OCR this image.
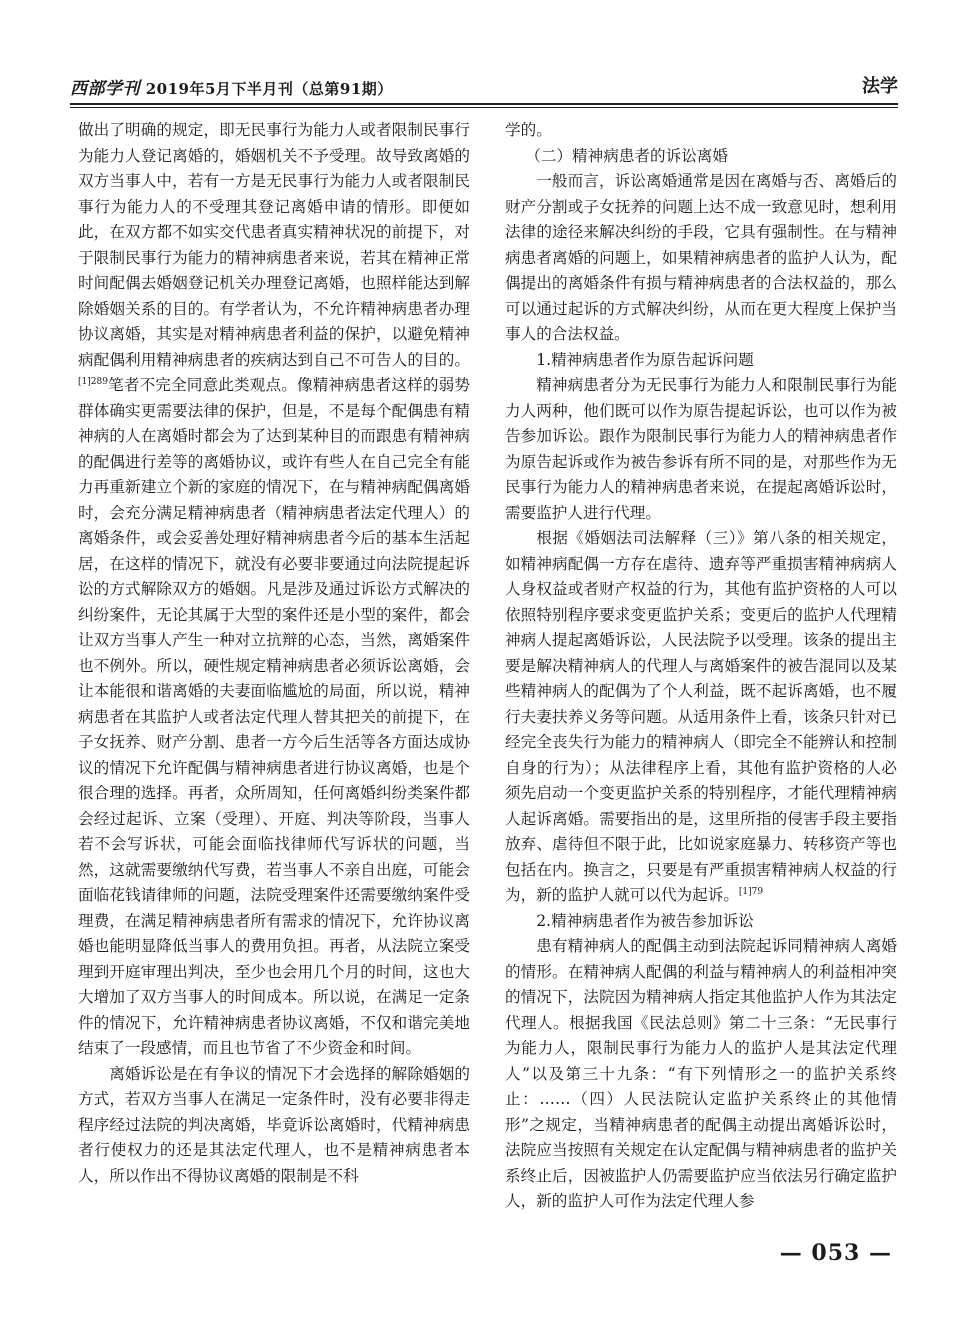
西部学刊 2019年5月下半月刊（总第91期）	法学

做出了明确的规定，即无民事行为能力人或者限制民事行为能力人登记离婚的，婚姻机关不予受理。故导致离婚的双方当事人中，若有一方是无民事行为能力人或者限制民事行为能力人的不受理其登记离婚申请的情形。即便如此，在双方都不如实交代患者真实精神状况的前提下，对于限制民事行为能力的精神病患者来说，若其在精神正常时间配偶去婚姻登记机关办理登记离婚，也照样能达到解除婚姻关系的目的。有学者认为，不允许精神病患者办理协议离婚，其实是对精神病患者利益的保护，以避免精神病配偶利用精神病患者的疾病达到自己不可告人的目的。$^{[1]289}$笔者不完全同意此类观点。像精神病患者这样的弱势群体确实更需要法律的保护，但是，不是每个配偶患有精神病的人在离婚时都会为了达到某种目的而跟患有精神病的配偶进行差等的离婚协议，或许有些人在自己完全有能力再重新建立个新的家庭的情况下，在与精神病配偶离婚时，会充分满足精神病患者（精神病患者法定代理人）的离婚条件，或会妥善处理好精神病患者今后的基本生活起居，在这样的情况下，就没有必要非要通过向法院提起诉讼的方式解除双方的婚姻。凡是涉及通过诉讼方式解决的纠纷案件，无论其属于大型的案件还是小型的案件，都会让双方当事人产生一种对立抗辩的心态，当然，离婚案件也不例外。所以，硬性规定精神病患者必须诉讼离婚，会让本能很和谐离婚的夫妻面临尴尬的局面，所以说，精神病患者在其监护人或者法定代理人替其把关的前提下，在子女抚养、财产分割、患者一方今后生活等各方面达成协议的情况下允许配偶与精神病患者进行协议离婚，也是个很合理的选择。再者，众所周知，任何离婚纠纷类案件都会经过起诉、立案（受理）、开庭、判决等阶段，当事人若不会写诉状，可能会面临找律师代写诉状的问题，当然，这就需要缴纳代写费，若当事人不亲自出庭，可能会面临花钱请律师的问题，法院受理案件还需要缴纳案件受理费，在满足精神病患者所有需求的情况下，允许协议离婚也能明显降低当事人的费用负担。再者，从法院立案受理到开庭审理出判决，至少也会用几个月的时间，这也大大增加了双方当事人的时间成本。所以说，在满足一定条件的情况下，允许精神病患者协议离婚，不仅和谐完美地结束了一段感情，而且也节省了不少资金和时间。

离婚诉讼是在有争议的情况下才会选择的解除婚姻的方式，若双方当事人在满足一定条件时，没有必要非得走程序经过法院的判决离婚，毕竟诉讼离婚时，代精神病患者行使权力的还是其法定代理人，也不是精神病患者本人，所以作出不得协议离婚的限制是不科

学的。

（二）精神病患者的诉讼离婚

一般而言，诉讼离婚通常是因在离婚与否、离婚后的财产分割或子女抚养的问题上达不成一致意见时，想利用法律的途径来解决纠纷的手段，它具有强制性。在与精神病患者离婚的问题上，如果精神病患者的监护人认为，配偶提出的离婚条件有损与精神病患者的合法权益的，那么可以通过起诉的方式解决纠纷，从而在更大程度上保护当事人的合法权益。

1.精神病患者作为原告起诉问题

精神病患者分为无民事行为能力人和限制民事行为能力人两种，他们既可以作为原告提起诉讼，也可以作为被告参加诉讼。跟作为限制民事行为能力人的精神病患者作为原告起诉或作为被告参诉有所不同的是，对那些作为无民事行为能力人的精神病患者来说，在提起离婚诉讼时，需要监护人进行代理。

根据《婚姻法司法解释（三）》第八条的相关规定，如精神病配偶一方存在虐待、遗弃等严重损害精神病病人人身权益或者财产权益的行为，其他有监护资格的人可以依照特别程序要求变更监护关系；变更后的监护人代理精神病人提起离婚诉讼，人民法院予以受理。该条的提出主要是解决精神病人的代理人与离婚案件的被告混同以及某些精神病人的配偶为了个人利益，既不起诉离婚，也不履行夫妻扶养义务等问题。从适用条件上看，该条只针对已经完全丧失行为能力的精神病人（即完全不能辨认和控制自身的行为）；从法律程序上看，其他有监护资格的人必须先启动一个变更监护关系的特别程序，才能代理精神病人起诉离婚。需要指出的是，这里所指的侵害手段主要指放弃、虐待但不限于此，比如说家庭暴力、转移资产等也包括在内。换言之，只要是有严重损害精神病人权益的行为，新的监护人就可以代为起诉。$^{[1]79}$

2.精神病患者作为被告参加诉讼

患有精神病人的配偶主动到法院起诉同精神病人离婚的情形。在精神病人配偶的利益与精神病人的利益相冲突的情况下，法院因为精神病人指定其他监护人作为其法定代理人。根据我国《民法总则》第二十三条：“无民事行为能力人，限制民事行为能力人的监护人是其法定代理人”以及第三十九条：“有下列情形之一的监护关系终止：……（四）人民法院认定监护关系终止的其他情形”之规定，当精神病患者的配偶主动提出离婚诉讼时，法院应当按照有关规定在认定配偶与精神病患者的监护关系终止后，因被监护人仍需要监护应当依法另行确定监护人，新的监护人可作为法定代理人参

— 053 —
